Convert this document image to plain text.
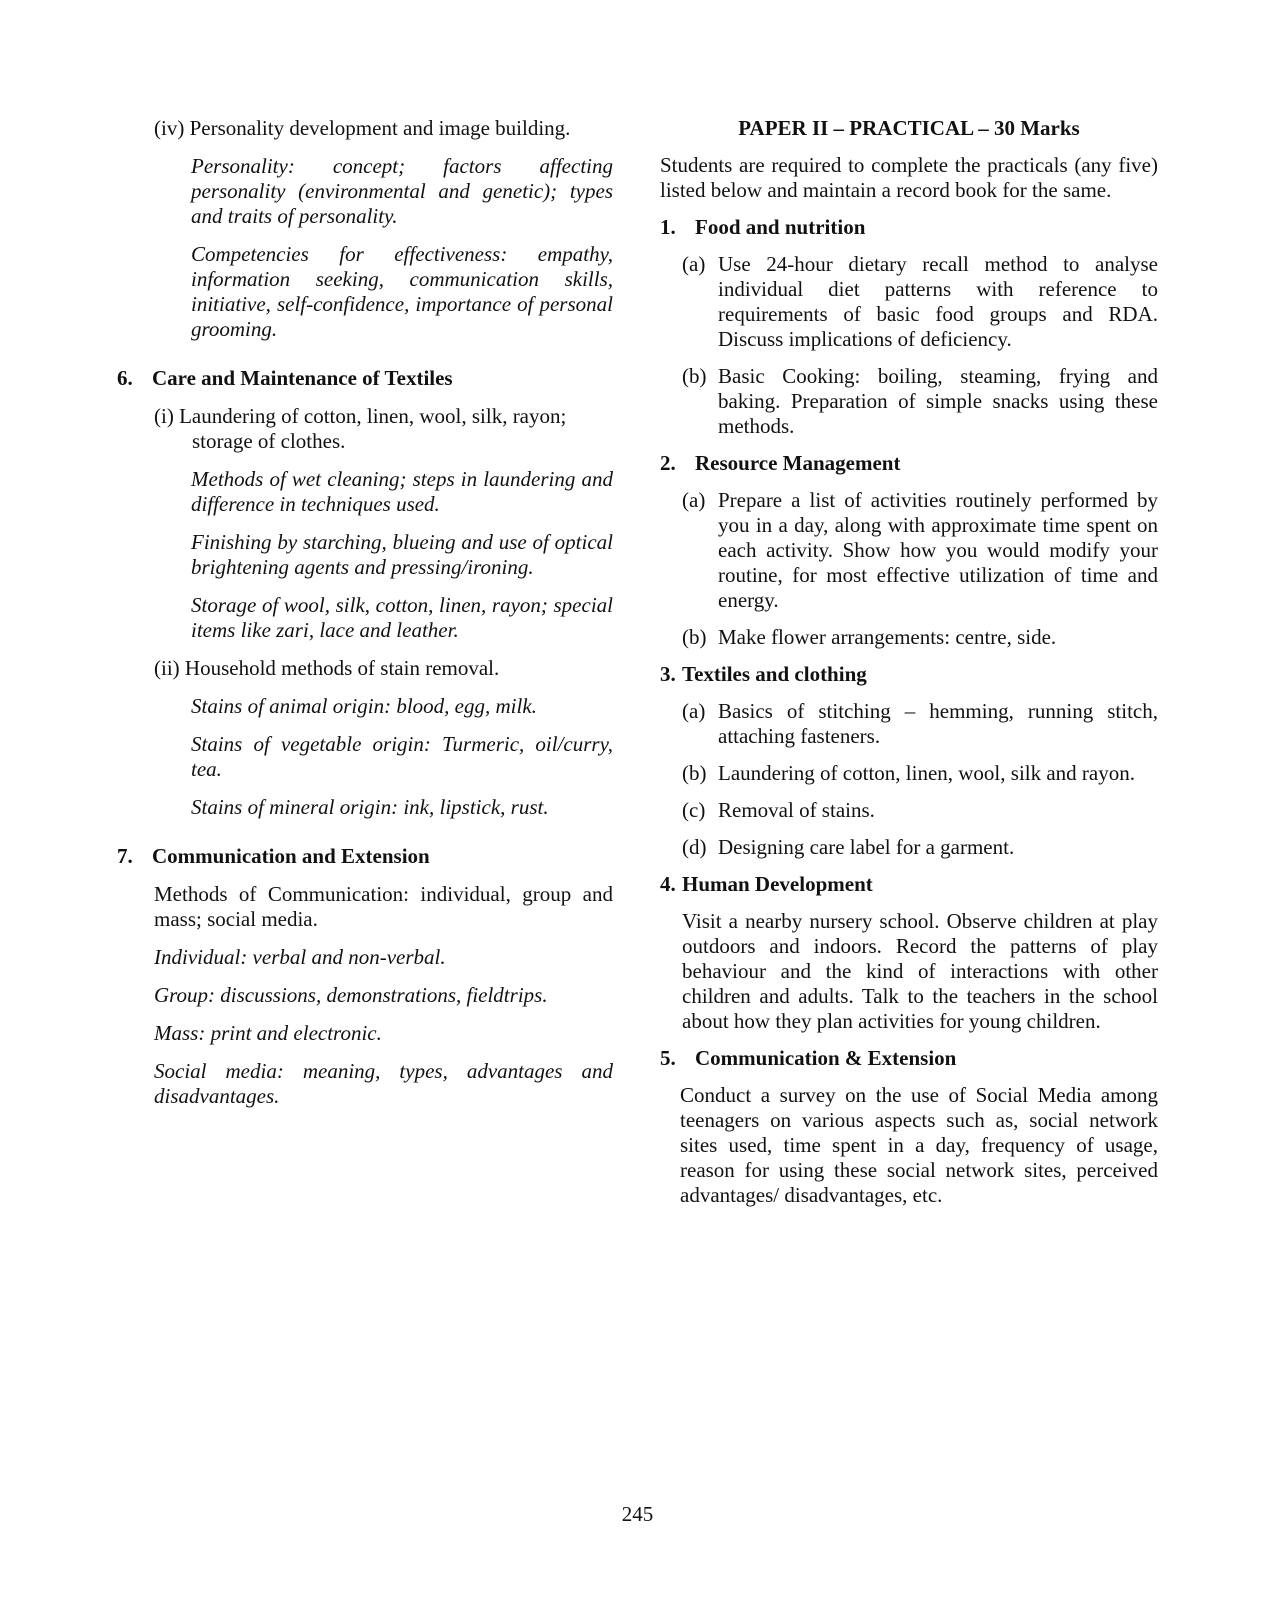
(iv) Personality development and image building.

Personality: concept; factors affecting personality (environmental and genetic); types and traits of personality.

Competencies for effectiveness: empathy, information seeking, communication skills, initiative, self-confidence, importance of personal grooming.

6. Care and Maintenance of Textiles

(i) Laundering of cotton, linen, wool, silk, rayon; storage of clothes.

Methods of wet cleaning; steps in laundering and difference in techniques used.

Finishing by starching, blueing and use of optical brightening agents and pressing/ironing.

Storage of wool, silk, cotton, linen, rayon; special items like zari, lace and leather.

(ii) Household methods of stain removal.

Stains of animal origin: blood, egg, milk.

Stains of vegetable origin: Turmeric, oil/curry, tea.

Stains of mineral origin: ink, lipstick, rust.

7. Communication and Extension

Methods of Communication: individual, group and mass; social media.

Individual: verbal and non-verbal.

Group: discussions, demonstrations, fieldtrips.

Mass: print and electronic.

Social media: meaning, types, advantages and disadvantages.

PAPER II – PRACTICAL – 30 Marks

Students are required to complete the practicals (any five) listed below and maintain a record book for the same.

1. Food and nutrition
(a) Use 24-hour dietary recall method to analyse individual diet patterns with reference to requirements of basic food groups and RDA. Discuss implications of deficiency.

(b) Basic Cooking: boiling, steaming, frying and baking. Preparation of simple snacks using these methods.

2. Resource Management
(a) Prepare a list of activities routinely performed by you in a day, along with approximate time spent on each activity. Show how you would modify your routine, for most effective utilization of time and energy.

(b) Make flower arrangements: centre, side.

3. Textiles and clothing
(a) Basics of stitching – hemming, running stitch, attaching fasteners.

(b) Laundering of cotton, linen, wool, silk and rayon.

(c) Removal of stains.

(d) Designing care label for a garment.

4. Human Development

Visit a nearby nursery school. Observe children at play outdoors and indoors. Record the patterns of play behaviour and the kind of interactions with other children and adults. Talk to the teachers in the school about how they plan activities for young children.

5. Communication & Extension

Conduct a survey on the use of Social Media among teenagers on various aspects such as, social network sites used, time spent in a day, frequency of usage, reason for using these social network sites, perceived advantages/ disadvantages, etc.

245
